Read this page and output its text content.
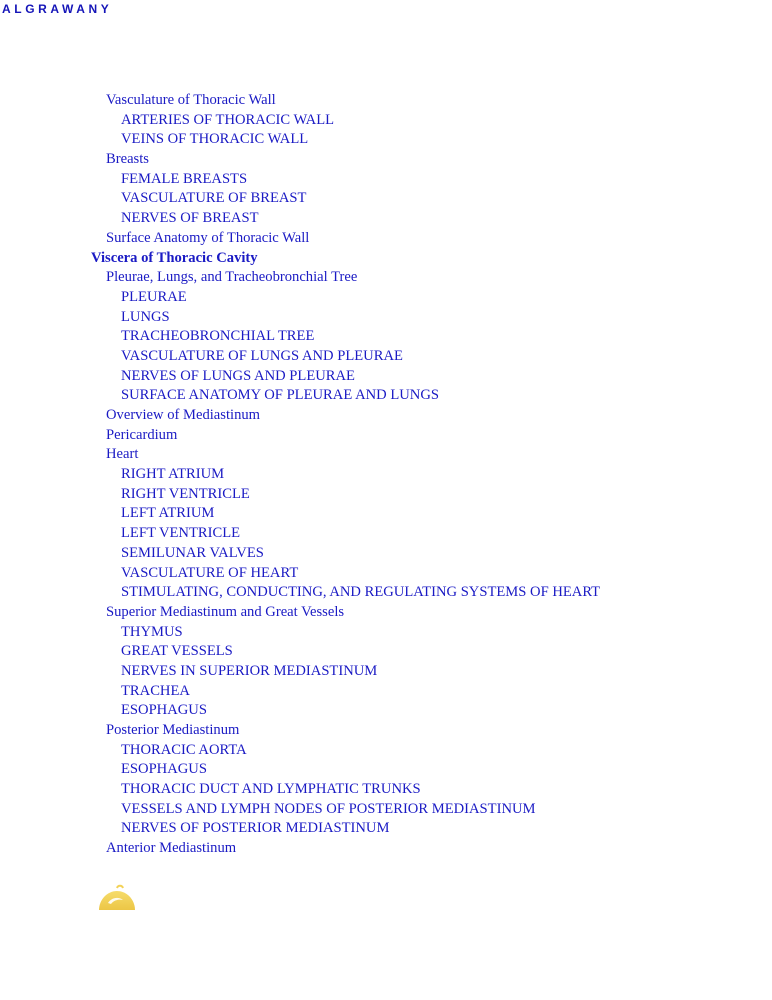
ALGRAWANY
Vasculature of Thoracic Wall
ARTERIES OF THORACIC WALL
VEINS OF THORACIC WALL
Breasts
FEMALE BREASTS
VASCULATURE OF BREAST
NERVES OF BREAST
Surface Anatomy of Thoracic Wall
Viscera of Thoracic Cavity
Pleurae, Lungs, and Tracheobronchial Tree
PLEURAE
LUNGS
TRACHEOBRONCHIAL TREE
VASCULATURE OF LUNGS AND PLEURAE
NERVES OF LUNGS AND PLEURAE
SURFACE ANATOMY OF PLEURAE AND LUNGS
Overview of Mediastinum
Pericardium
Heart
RIGHT ATRIUM
RIGHT VENTRICLE
LEFT ATRIUM
LEFT VENTRICLE
SEMILUNAR VALVES
VASCULATURE OF HEART
STIMULATING, CONDUCTING, AND REGULATING SYSTEMS OF HEART
Superior Mediastinum and Great Vessels
THYMUS
GREAT VESSELS
NERVES IN SUPERIOR MEDIASTINUM
TRACHEA
ESOPHAGUS
Posterior Mediastinum
THORACIC AORTA
ESOPHAGUS
THORACIC DUCT AND LYMPHATIC TRUNKS
VESSELS AND LYMPH NODES OF POSTERIOR MEDIASTINUM
NERVES OF POSTERIOR MEDIASTINUM
Anterior Mediastinum
